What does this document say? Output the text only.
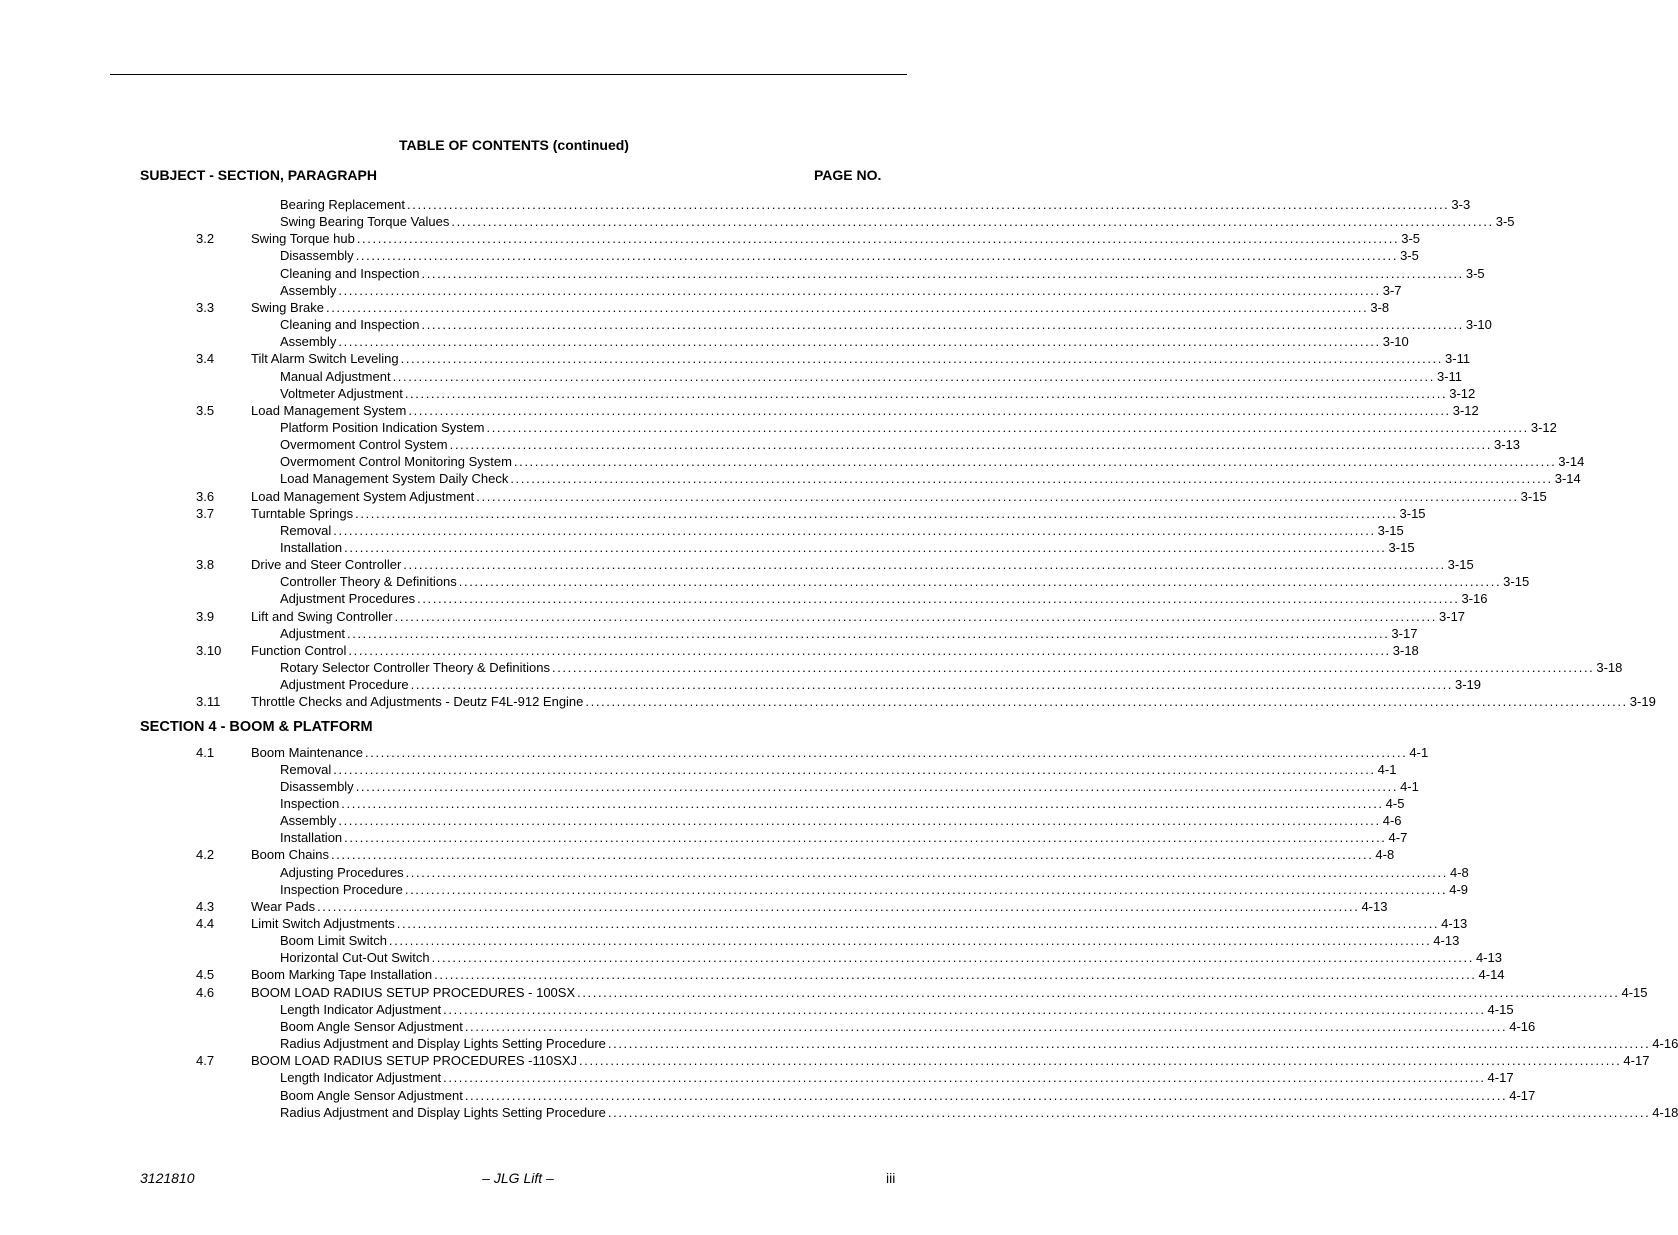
TABLE OF CONTENTS (continued)
SUBJECT - SECTION, PARAGRAPH	PAGE NO.
Bearing Replacement ........................................................................................................................................................................................................ 3-3
Swing Bearing Torque Values ........................................................................................................................................................................................................ 3-5
3.2	Swing Torque hub ........................................................................................................................................................................................................ 3-5
Disassembly ........................................................................................................................................................................................................ 3-5
Cleaning and Inspection ........................................................................................................................................................................................................ 3-5
Assembly ........................................................................................................................................................................................................ 3-7
3.3	Swing Brake ........................................................................................................................................................................................................ 3-8
Cleaning and Inspection ........................................................................................................................................................................................................ 3-10
Assembly ........................................................................................................................................................................................................ 3-10
3.4	Tilt Alarm Switch Leveling ........................................................................................................................................................................................................ 3-11
Manual Adjustment ........................................................................................................................................................................................................ 3-11
Voltmeter Adjustment ........................................................................................................................................................................................................ 3-12
3.5	Load Management System ........................................................................................................................................................................................................ 3-12
Platform Position Indication System ........................................................................................................................................................................................................ 3-12
Overmoment Control System ........................................................................................................................................................................................................ 3-13
Overmoment Control Monitoring System ........................................................................................................................................................................................................ 3-14
Load Management System Daily Check ........................................................................................................................................................................................................ 3-14
3.6	Load Management System Adjustment ........................................................................................................................................................................................................ 3-15
3.7	Turntable Springs ........................................................................................................................................................................................................ 3-15
Removal ........................................................................................................................................................................................................ 3-15
Installation ........................................................................................................................................................................................................ 3-15
3.8	Drive and Steer Controller ........................................................................................................................................................................................................ 3-15
Controller Theory & Definitions ........................................................................................................................................................................................................ 3-15
Adjustment Procedures ........................................................................................................................................................................................................ 3-16
3.9	Lift and Swing Controller ........................................................................................................................................................................................................ 3-17
Adjustment ........................................................................................................................................................................................................ 3-17
3.10 Function Control ........................................................................................................................................................................................................ 3-18
Rotary Selector Controller Theory & Definitions ........................................................................................................................................................................................................ 3-18
Adjustment Procedure ........................................................................................................................................................................................................ 3-19
3.11 Throttle Checks and Adjustments - Deutz F4L-912 Engine ........................................................................................................................................................................................................ 3-19
SECTION 4 - BOOM & PLATFORM
4.1	Boom Maintenance ........................................................................................................................................................................................................ 4-1
Removal ........................................................................................................................................................................................................ 4-1
Disassembly ........................................................................................................................................................................................................ 4-1
Inspection ........................................................................................................................................................................................................ 4-5
Assembly ........................................................................................................................................................................................................ 4-6
Installation ........................................................................................................................................................................................................ 4-7
4.2	Boom Chains ........................................................................................................................................................................................................ 4-8
Adjusting Procedures ........................................................................................................................................................................................................ 4-8
Inspection Procedure ........................................................................................................................................................................................................ 4-9
4.3	Wear Pads ........................................................................................................................................................................................................ 4-13
4.4	Limit Switch Adjustments ........................................................................................................................................................................................................ 4-13
Boom Limit Switch ........................................................................................................................................................................................................ 4-13
Horizontal Cut-Out Switch ........................................................................................................................................................................................................ 4-13
4.5	Boom Marking Tape Installation ........................................................................................................................................................................................................ 4-14
4.6	BOOM LOAD RADIUS SETUP PROCEDURES - 100SX ........................................................................................................................................................................................................ 4-15
Length Indicator Adjustment ........................................................................................................................................................................................................ 4-15
Boom Angle Sensor Adjustment ........................................................................................................................................................................................................ 4-16
Radius Adjustment and Display Lights Setting Procedure ........................................................................................................................................................................................................ 4-16
4.7	BOOM LOAD RADIUS SETUP PROCEDURES -110SXJ ........................................................................................................................................................................................................ 4-17
Length Indicator Adjustment ........................................................................................................................................................................................................ 4-17
Boom Angle Sensor Adjustment ........................................................................................................................................................................................................ 4-17
Radius Adjustment and Display Lights Setting Procedure ........................................................................................................................................................................................................ 4-18
3121810	– JLG Lift –	iii
